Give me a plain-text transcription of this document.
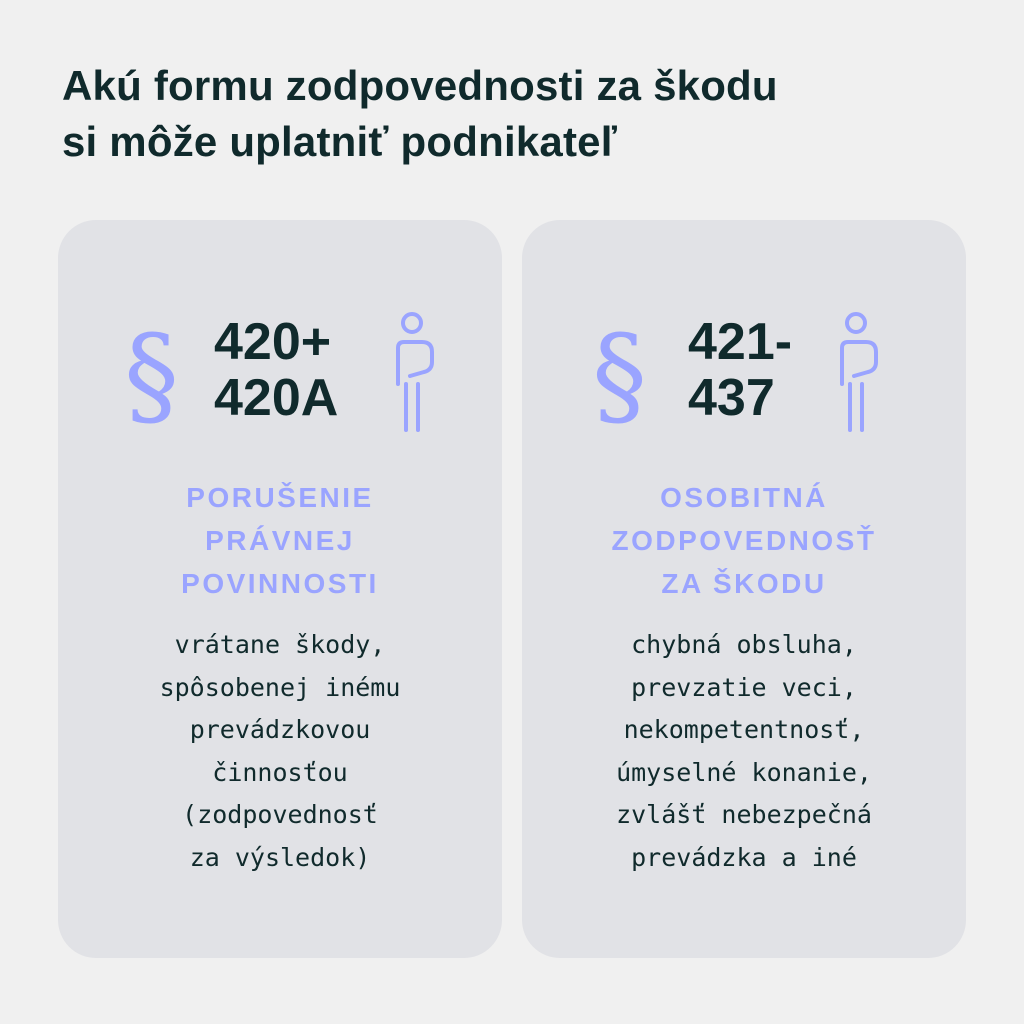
Akú formu zodpovednosti za škodu
si môže uplatniť podnikateľ
§ 420+
420A
PORUŠENIE
PRÁVNEJ
POVINNOSTI
vrátane škody,
spôsobenej inému
prevádzkovou
činnosťou
(zodpovednosť
za výsledok)
§ 421-
437
OSOBITNÁ
ZODPOVEDNOSŤ
ZA ŠKODU
chybná obsluha,
prevzatie veci,
nekompetentnosť,
úmyselné konanie,
zvlášť nebezpečná
prevádzka a iné
